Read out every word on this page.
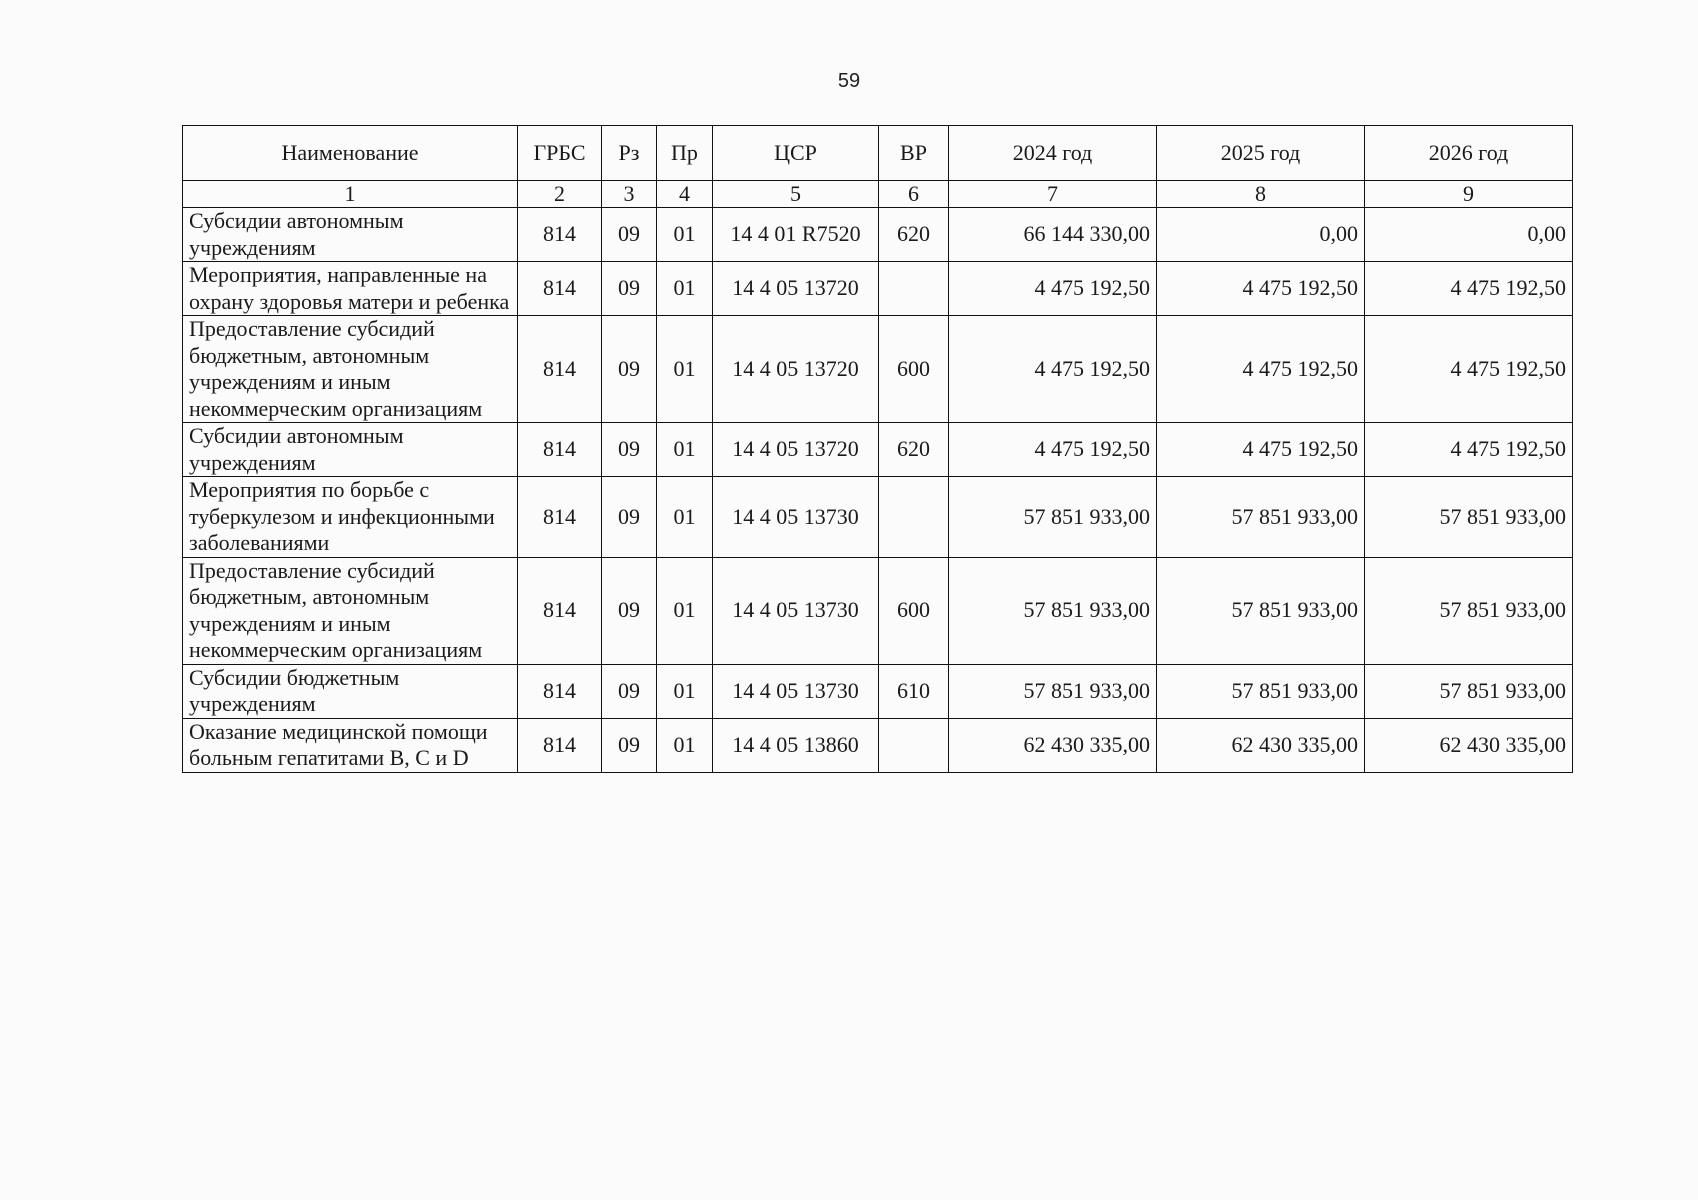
59
Наименование	ГРБС	Рз	Пр	ЦСР	ВР	2024 год	2025 год	2026 год
1	2	3	4	5	6	7	8	9
Субсидии автономным учреждениям	814	09	01	14 4 01 R7520	620	66 144 330,00	0,00	0,00
Мероприятия, направленные на охрану здоровья матери и ребенка	814	09	01	14 4 05 13720		4 475 192,50	4 475 192,50	4 475 192,50
Предоставление субсидий бюджетным, автономным учреждениям и иным некоммерческим организациям	814	09	01	14 4 05 13720	600	4 475 192,50	4 475 192,50	4 475 192,50
Субсидии автономным учреждениям	814	09	01	14 4 05 13720	620	4 475 192,50	4 475 192,50	4 475 192,50
Мероприятия по борьбе с туберкулезом и инфекционными заболеваниями	814	09	01	14 4 05 13730		57 851 933,00	57 851 933,00	57 851 933,00
Предоставление субсидий бюджетным, автономным учреждениям и иным некоммерческим организациям	814	09	01	14 4 05 13730	600	57 851 933,00	57 851 933,00	57 851 933,00
Субсидии бюджетным учреждениям	814	09	01	14 4 05 13730	610	57 851 933,00	57 851 933,00	57 851 933,00
Оказание медицинской помощи больным гепатитами B, C и D	814	09	01	14 4 05 13860		62 430 335,00	62 430 335,00	62 430 335,00
